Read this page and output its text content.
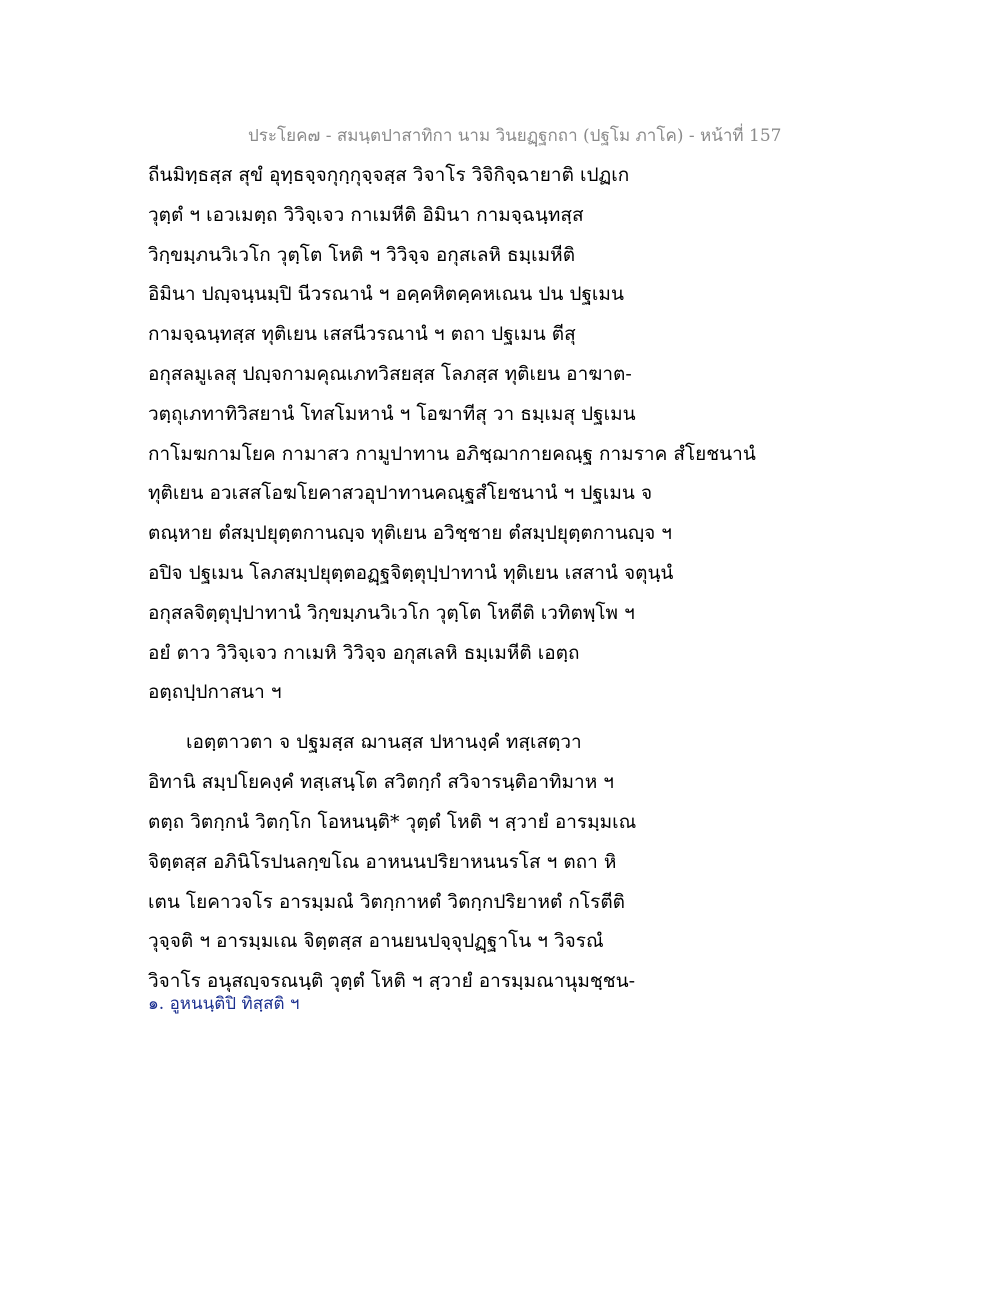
ประโยค๗ - สมนฺตปาสาทิกา นาม วินยฏฺฐกถา (ปฐโม ภาโค) - หน้าที่ 157
ถีนมิทฺธสฺส สุขํ อุทฺธจฺจกุกฺกุจฺจสฺส วิจาโร วิจิกิจฺฉายาติ เปฏเก
วุตฺตํ ฯ เอวเมตฺถ วิวิจฺเจว กาเมหีติ อิมินา กามจฺฉนฺทสฺส
วิกฺขมฺภนวิเวโก วุตฺโต โหติ ฯ วิวิจฺจ อกุสเลหิ ธมฺเมหีติ
อิมินา ปญฺจนฺนมฺปิ นีวรณานํ ฯ อคฺคหิตคฺคหเณน ปน ปฐเมน
กามจฺฉนฺทสฺส ทุติเยน เสสนีวรณานํ ฯ ตถา ปฐเมน ตีสุ
อกุสลมูเลสุ ปญฺจกามคุณเภทวิสยสฺส โลภสฺส ทุติเยน อาฆาต-
วตฺถุเภทาทิวิสยานํ โทสโมหานํ ฯ โอฆาทีสุ วา ธมฺเมสุ ปฐเมน
กาโมฆกามโยค กามาสว กามูปาทาน อภิชฺฌากายคณฺฐ กามราค สํโยชนานํ
ทุติเยน อวเสสโอฆโยคาสวอุปาทานคณฺฐสํโยชนานํ ฯ ปฐเมน จ
ตณฺหาย ตํสมฺปยุตฺตกานญฺจ ทุติเยน อวิชฺชาย ตํสมฺปยุตฺตกานญฺจ ฯ
อปิจ ปฐเมน โลภสมฺปยุตฺตอฏฺฐจิตฺตุปฺปาทานํ ทุติเยน เสสานํ จตุนฺนํ
อกุสลจิตฺตุปฺปาทานํ วิกฺขมฺภนวิเวโก วุตฺโต โหตีติ เวทิตพฺโพ ฯ
อยํ ตาว วิวิจฺเจว กาเมหิ วิวิจฺจ อกุสเลหิ ธมฺเมหีติ เอตฺถ
อตฺถปฺปกาสนา ฯ
เอตฺตาวตา จ ปฐมสฺส ฌานสฺส ปหานงฺคํ ทสฺเสตฺวา
อิทานิ สมฺปโยคงฺคํ ทสฺเสนฺโต สวิตกฺกํ สวิจารนฺติอาทิมาห ฯ
ตตฺถ วิตกฺกนํ วิตกฺโก โอหนนฺติ* วุตฺตํ โหติ ฯ สฺวายํ อารมฺมเณ
จิตฺตสฺส อภินิโรปนลกฺขโณ อาหนนปริยาหนนรโส ฯ ตถา หิ
เตน โยคาวจโร อารมฺมณํ วิตกฺกาหตํ วิตกฺกปริยาหตํ กโรตีติ
วุจฺจติ ฯ อารมฺมเณ จิตฺตสฺส อานยนปจฺจุปฏฺฐาโน ฯ วิจรณํ
วิจาโร อนุสญฺจรณนฺติ วุตฺตํ โหติ ฯ สฺวายํ อารมฺมณานุมชฺชน-
๑. อูหนนฺติปิ ทิสฺสติ ฯ
